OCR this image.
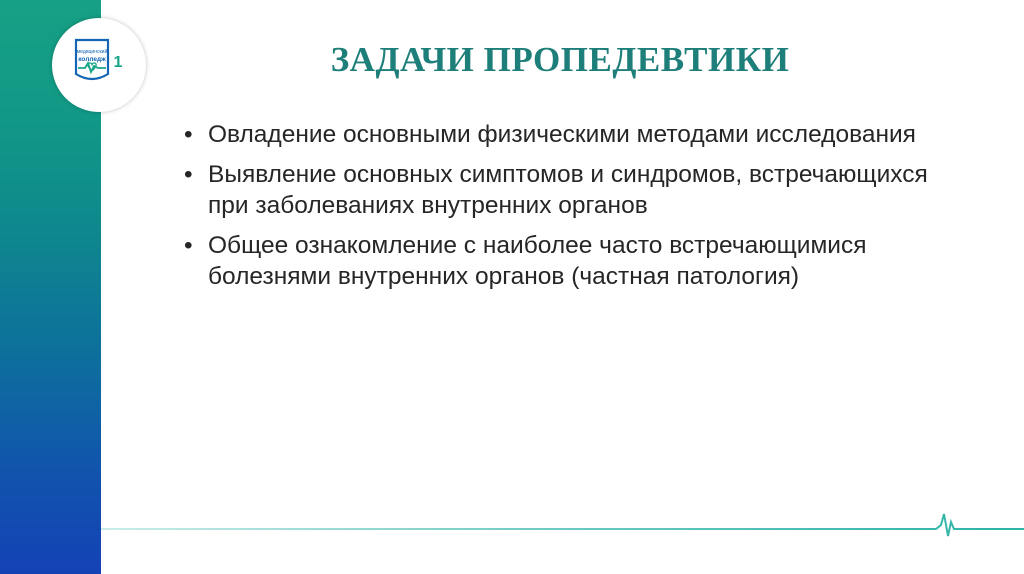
медицинский
колледж 1	ЗАДАЧИ ПРОПЕДЕВТИКИ
• Овладение основными физическими методами исследования
• Выявление основных симптомов и синдромов, встречающихся при заболеваниях внутренних органов
• Общее ознакомление с наиболее часто встречающимися болезнями внутренних органов (частная патология)
